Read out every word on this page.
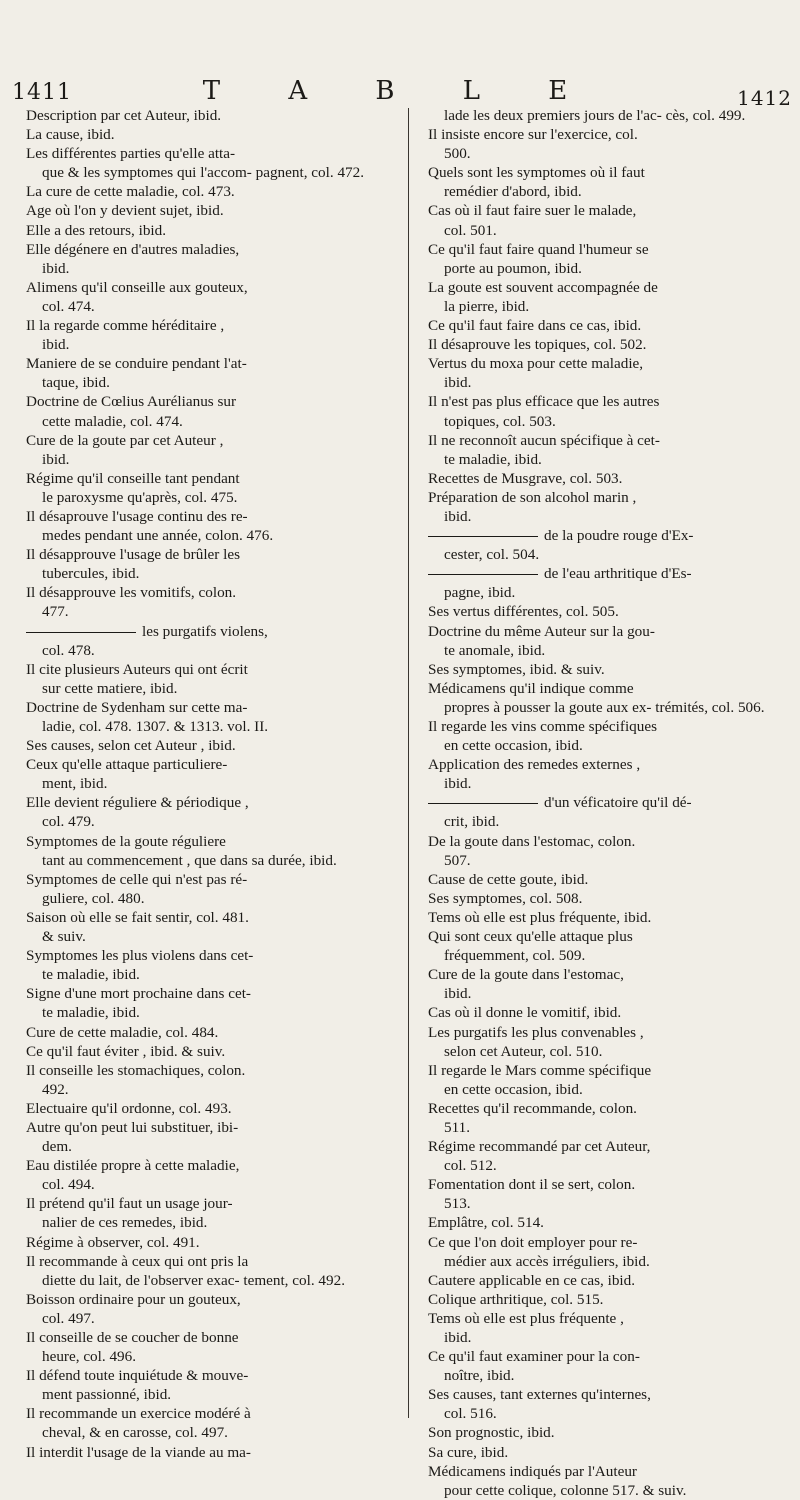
1411	T A B L E	1412
Description par cet Auteur, ibid.
La cause, ibid.
Les différentes parties qu'elle atta-
que & les symptomes qui l'accom- pagnent, col. 472.
La cure de cette maladie, col. 473.
Age où l'on y devient sujet, ibid.
Elle a des retours, ibid.
Elle dégénere en d'autres maladies,
ibid.
Alimens qu'il conseille aux gouteux,
col. 474.
Il la regarde comme héréditaire ,
ibid.
Maniere de se conduire pendant l'at-
taque, ibid.
Doctrine de Cœlius Aurélianus sur
cette maladie, col. 474.
Cure de la goute par cet Auteur ,
ibid.
Régime qu'il conseille tant pendant
le paroxysme qu'après, col. 475.
Il désaprouve l'usage continu des re-
medes pendant une année, colon. 476.
Il désapprouve l'usage de brûler les
tubercules, ibid.
Il désapprouve les vomitifs, colon.
477.
les purgatifs violens,
col. 478.
Il cite plusieurs Auteurs qui ont écrit
sur cette matiere, ibid.
Doctrine de Sydenham sur cette ma-
ladie, col. 478. 1307. & 1313. vol. II.
Ses causes, selon cet Auteur , ibid.
Ceux qu'elle attaque particuliere-
ment, ibid.
Elle devient réguliere & périodique ,
col. 479.
Symptomes de la goute réguliere
tant au commencement , que dans sa durée, ibid.
Symptomes de celle qui n'est pas ré-
guliere, col. 480.
Saison où elle se fait sentir, col. 481.
& suiv.
Symptomes les plus violens dans cet-
te maladie, ibid.
Signe d'une mort prochaine dans cet-
te maladie, ibid.
Cure de cette maladie, col. 484.
Ce qu'il faut éviter , ibid. & suiv.
Il conseille les stomachiques, colon.
492.
Electuaire qu'il ordonne, col. 493.
Autre qu'on peut lui substituer, ibi-
dem.
Eau distilée propre à cette maladie,
col. 494.
Il prétend qu'il faut un usage jour-
nalier de ces remedes, ibid.
Régime à observer, col. 491.
Il recommande à ceux qui ont pris la
diette du lait, de l'observer exac- tement, col. 492.
Boisson ordinaire pour un gouteux,
col. 497.
Il conseille de se coucher de bonne
heure, col. 496.
Il défend toute inquiétude & mouve-
ment passionné, ibid.
Il recommande un exercice modéré à
cheval, & en carosse, col. 497.
Il interdit l'usage de la viande au ma-
lade les deux premiers jours de l'ac- cès, col. 499.
Il insiste encore sur l'exercice, col.
500.
Quels sont les symptomes où il faut
remédier d'abord, ibid.
Cas où il faut faire suer le malade,
col. 501.
Ce qu'il faut faire quand l'humeur se
porte au poumon, ibid.
La goute est souvent accompagnée de
la pierre, ibid.
Ce qu'il faut faire dans ce cas, ibid.
Il désaprouve les topiques, col. 502.
Vertus du moxa pour cette maladie,
ibid.
Il n'est pas plus efficace que les autres
topiques, col. 503.
Il ne reconnoît aucun spécifique à cet-
te maladie, ibid.
Recettes de Musgrave, col. 503.
Préparation de son alcohol marin ,
ibid.
de la poudre rouge d'Ex-
cester, col. 504.
de l'eau arthritique d'Es-
pagne, ibid.
Ses vertus différentes, col. 505.
Doctrine du même Auteur sur la gou-
te anomale, ibid.
Ses symptomes, ibid. & suiv.
Médicamens qu'il indique comme
propres à pousser la goute aux ex- trémités, col. 506.
Il regarde les vins comme spécifiques
en cette occasion, ibid.
Application des remedes externes ,
ibid.
d'un véficatoire qu'il dé-
crit, ibid.
De la goute dans l'estomac, colon.
507.
Cause de cette goute, ibid.
Ses symptomes, col. 508.
Tems où elle est plus fréquente, ibid.
Qui sont ceux qu'elle attaque plus
fréquemment, col. 509.
Cure de la goute dans l'estomac,
ibid.
Cas où il donne le vomitif, ibid.
Les purgatifs les plus convenables ,
selon cet Auteur, col. 510.
Il regarde le Mars comme spécifique
en cette occasion, ibid.
Recettes qu'il recommande, colon.
511.
Régime recommandé par cet Auteur,
col. 512.
Fomentation dont il se sert, colon.
513.
Emplâtre, col. 514.
Ce que l'on doit employer pour re-
médier aux accès irréguliers, ibid.
Cautere applicable en ce cas, ibid.
Colique arthritique, col. 515.
Tems où elle est plus fréquente ,
ibid.
Ce qu'il faut examiner pour la con-
noître, ibid.
Ses causes, tant externes qu'internes,
col. 516.
Son prognostic, ibid.
Sa cure, ibid.
Médicamens indiqués par l'Auteur
pour cette colique, colonne 517. & suiv.
